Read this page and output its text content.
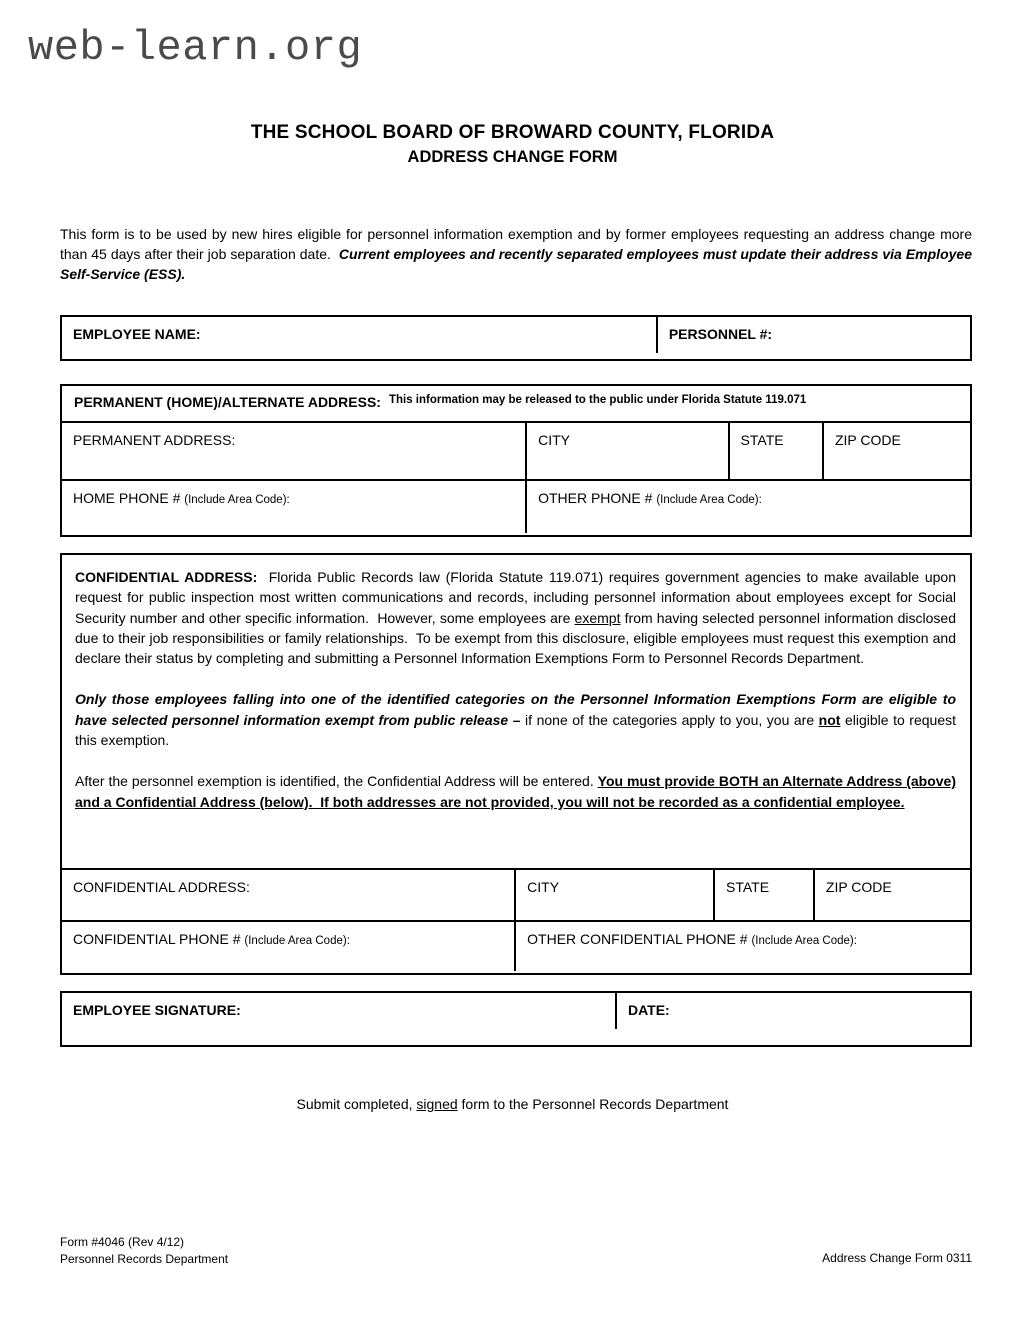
web-learn.org
THE SCHOOL BOARD OF BROWARD COUNTY, FLORIDA
ADDRESS CHANGE FORM

This form is to be used by new hires eligible for personnel information exemption and by former employees requesting an address change more than 45 days after their job separation date.  Current employees and recently separated employees must update their address via Employee Self-Service (ESS).

EMPLOYEE NAME:	PERSONNEL #:
PERMANENT (HOME)/ALTERNATE ADDRESS: This information may be released to the public under Florida Statute 119.071
PERMANENT ADDRESS:	CITY	STATE	ZIP CODE
HOME PHONE # (Include Area Code):	OTHER PHONE # (Include Area Code):

CONFIDENTIAL ADDRESS:  Florida Public Records law (Florida Statute 119.071) requires government agencies to make available upon request for public inspection most written communications and records, including personnel information about employees except for Social Security number and other specific information.  However, some employees are exempt from having selected personnel information disclosed due to their job responsibilities or family relationships.  To be exempt from this disclosure, eligible employees must request this exemption and declare their status by completing and submitting a Personnel Information Exemptions Form to Personnel Records Department.

Only those employees falling into one of the identified categories on the Personnel Information Exemptions Form are eligible to have selected personnel information exempt from public release – if none of the categories apply to you, you are not eligible to request this exemption.

After the personnel exemption is identified, the Confidential Address will be entered. You must provide BOTH an Alternate Address (above) and a Confidential Address (below).  If both addresses are not provided, you will not be recorded as a confidential employee.

CONFIDENTIAL ADDRESS:	CITY	STATE	ZIP CODE
CONFIDENTIAL PHONE # (Include Area Code):	OTHER CONFIDENTIAL PHONE # (Include Area Code):
EMPLOYEE SIGNATURE:	DATE:
Submit completed, signed form to the Personnel Records Department
Form #4046 (Rev 4/12)
Personnel Records Department	Address Change Form 0311
